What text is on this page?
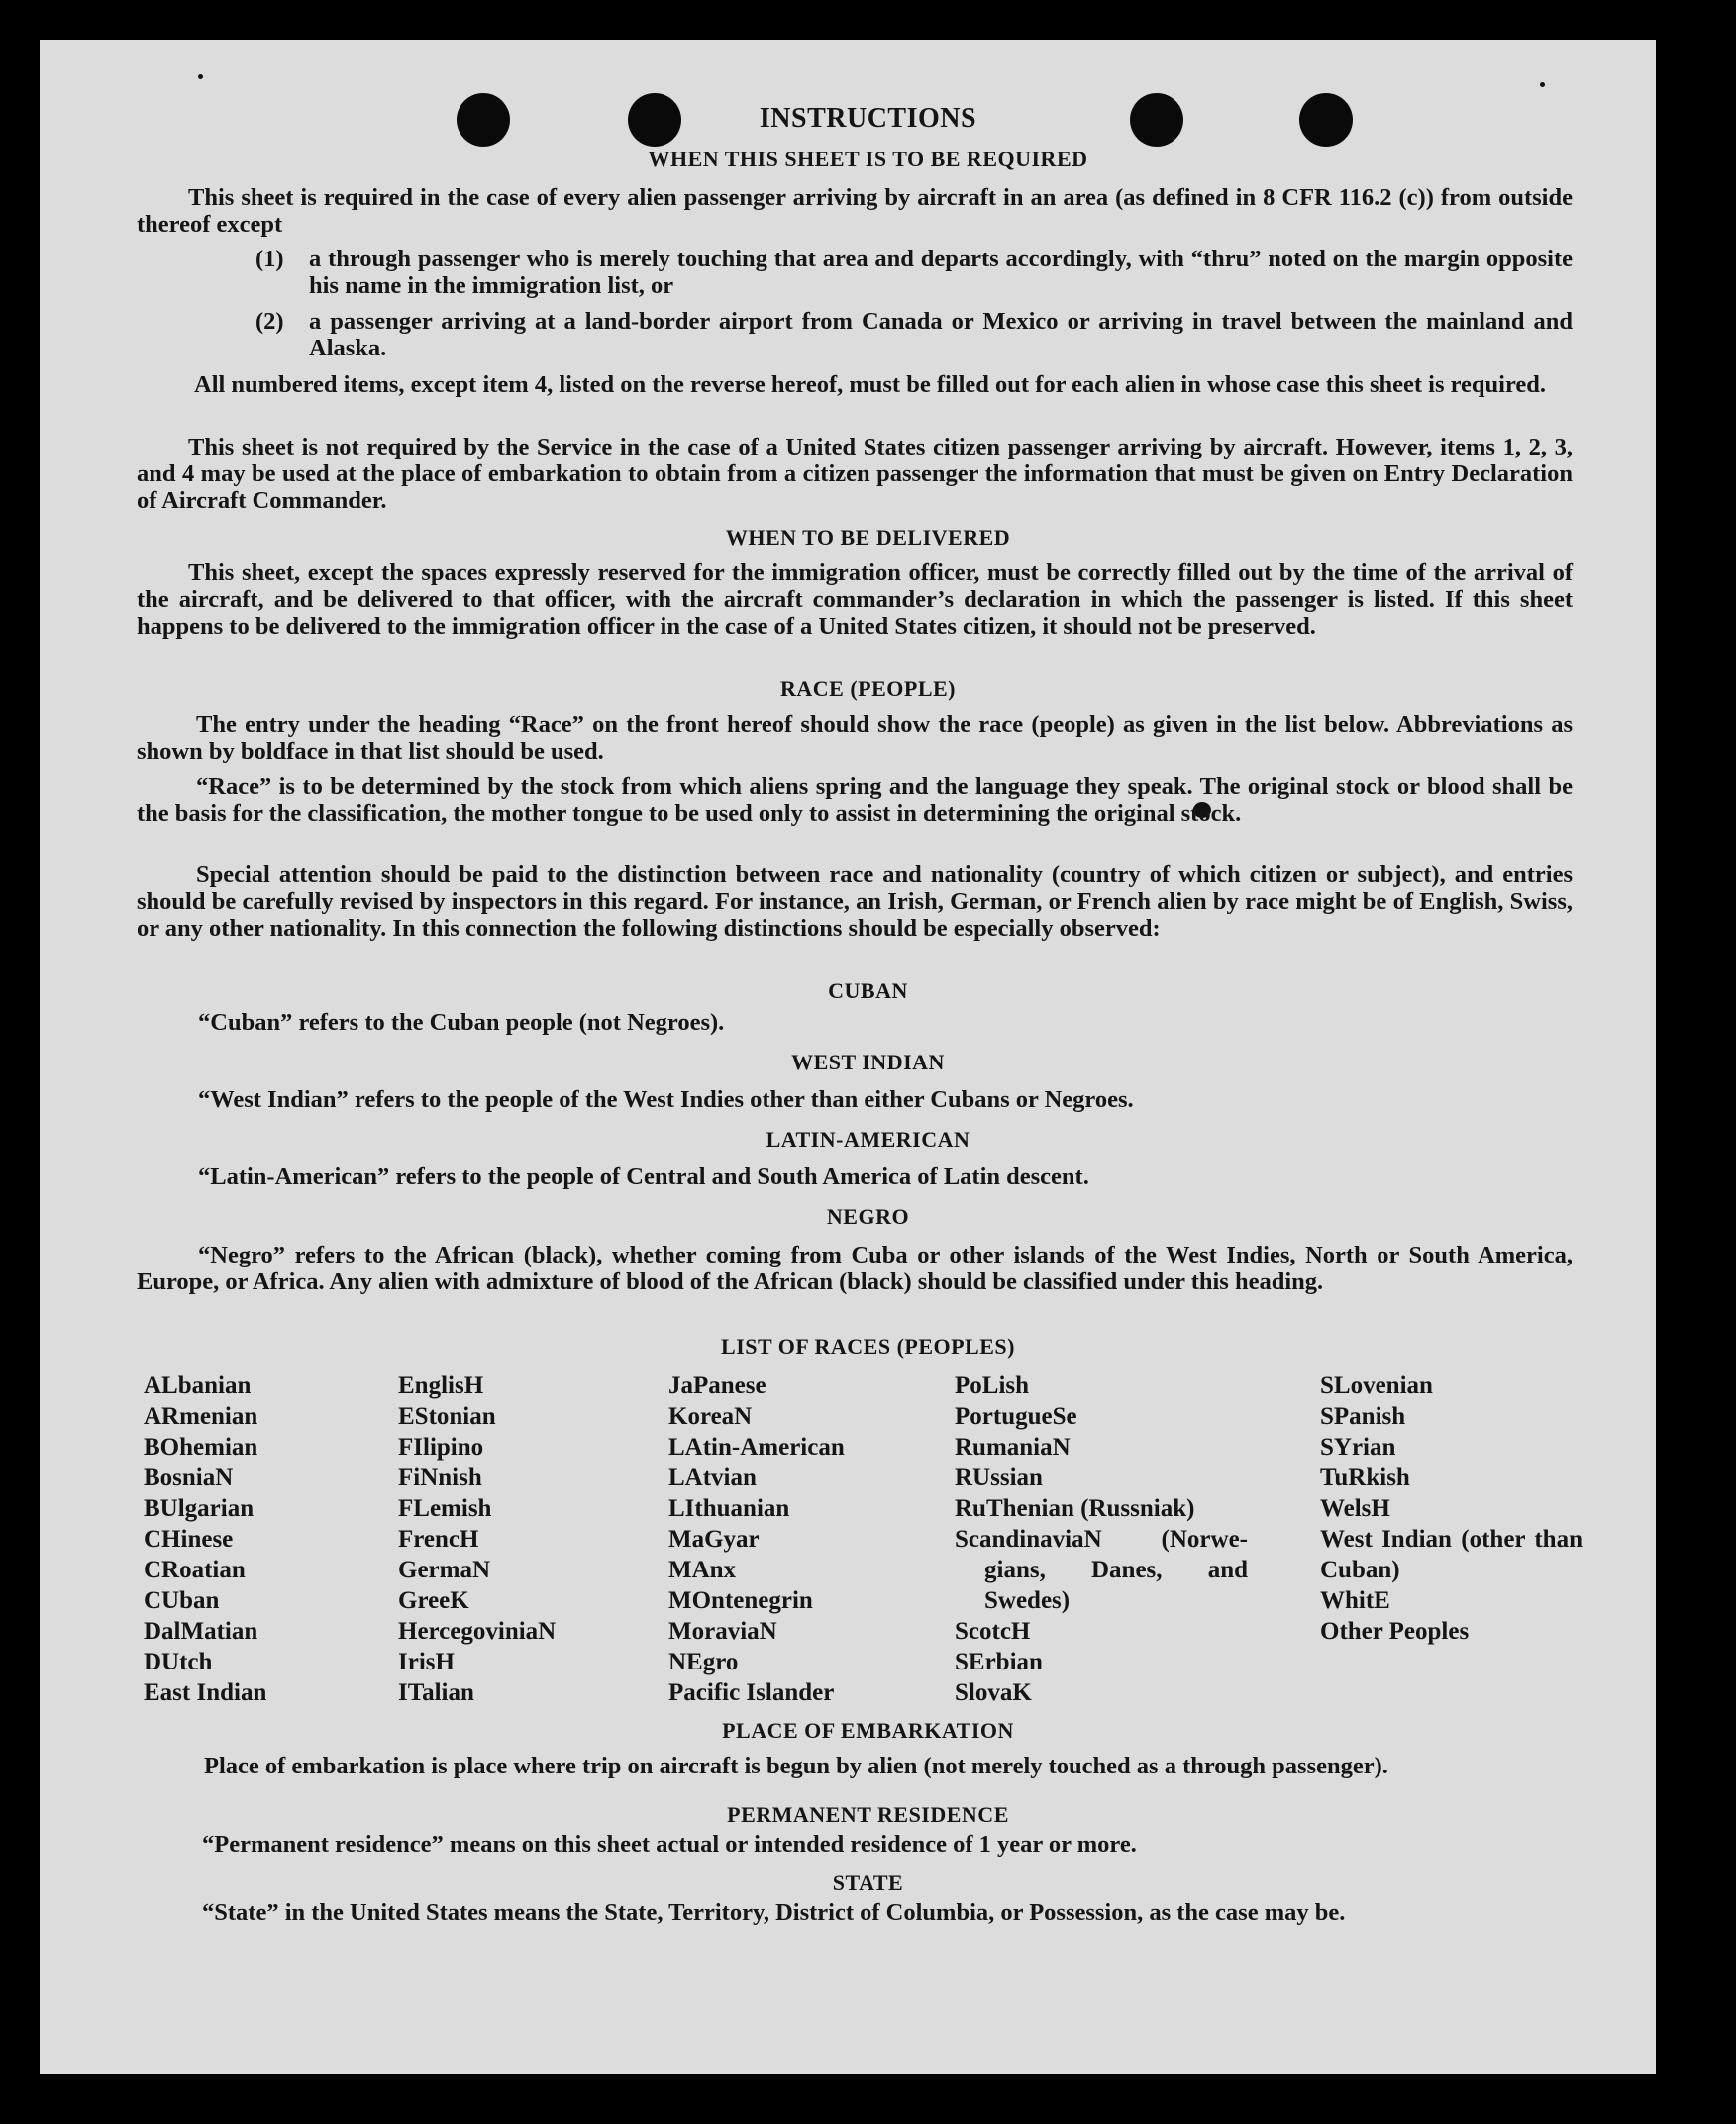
INSTRUCTIONS
WHEN THIS SHEET IS TO BE REQUIRED
This sheet is required in the case of every alien passenger arriving by aircraft in an area (as defined in 8 CFR 116.2 (c)) from outside thereof except
(1) a through passenger who is merely touching that area and departs accordingly, with “thru” noted on the margin opposite his name in the immigration list, or
(2) a passenger arriving at a land-border airport from Canada or Mexico or arriving in travel between the mainland and Alaska.
All numbered items, except item 4, listed on the reverse hereof, must be filled out for each alien in whose case this sheet is required.
This sheet is not required by the Service in the case of a United States citizen passenger arriving by aircraft. However, items 1, 2, 3, and 4 may be used at the place of embarkation to obtain from a citizen passenger the information that must be given on Entry Declaration of Aircraft Commander.
WHEN TO BE DELIVERED
This sheet, except the spaces expressly reserved for the immigration officer, must be correctly filled out by the time of the arrival of the aircraft, and be delivered to that officer, with the aircraft commander’s declaration in which the passenger is listed. If this sheet happens to be delivered to the immigration officer in the case of a United States citizen, it should not be preserved.
RACE (PEOPLE)
The entry under the heading “Race” on the front hereof should show the race (people) as given in the list below. Abbreviations as shown by boldface in that list should be used.
“Race” is to be determined by the stock from which aliens spring and the language they speak. The original stock or blood shall be the basis for the classification, the mother tongue to be used only to assist in determining the original stock.
Special attention should be paid to the distinction between race and nationality (country of which citizen or subject), and entries should be carefully revised by inspectors in this regard. For instance, an Irish, German, or French alien by race might be of English, Swiss, or any other nationality. In this connection the following distinctions should be especially observed:
CUBAN
“Cuban” refers to the Cuban people (not Negroes).
WEST INDIAN
“West Indian” refers to the people of the West Indies other than either Cubans or Negroes.
LATIN-AMERICAN
“Latin-American” refers to the people of Central and South America of Latin descent.
NEGRO
“Negro” refers to the African (black), whether coming from Cuba or other islands of the West Indies, North or South America, Europe, or Africa. Any alien with admixture of blood of the African (black) should be classified under this heading.
LIST OF RACES (PEOPLES)
ALbanian
ARmenian
BOhemian
BosniaN
BUlgarian
CHinese
CRoatian
CUban
DalMatian
DUtch
East Indian
EnglisH
EStonian
FIlipino
FiNnish
FLemish
FrencH
GermaN
GreeK
HercegoviniaN
IrisH
ITalian
JaPanese
KoreaN
LAtin-American
LAtvian
LIthuanian
MaGyar
MAnx
MOntenegrin
MoraviaN
NEgro
Pacific Islander
PoLish
PortugueSe
RumaniaN
RUssian
RuThenian (Russniak)
ScandinaviaN (Norwe-
gians, Danes, and
Swedes)
ScotcH
SErbian
SlovaK
SLovenian
SPanish
SYrian
TuRkish
WelsH
West Indian (other than Cuban)
WhitE
Other Peoples
PLACE OF EMBARKATION
Place of embarkation is place where trip on aircraft is begun by alien (not merely touched as a through passenger).
PERMANENT RESIDENCE
“Permanent residence” means on this sheet actual or intended residence of 1 year or more.
STATE
“State” in the United States means the State, Territory, District of Columbia, or Possession, as the case may be.
